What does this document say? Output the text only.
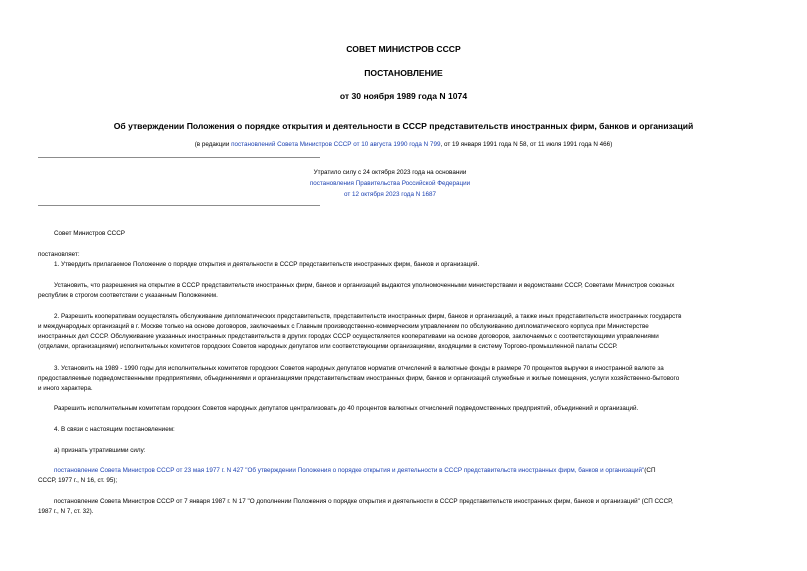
СОВЕТ МИНИСТРОВ СССР
ПОСТАНОВЛЕНИЕ
от 30 ноября 1989 года N 1074
Об утверждении Положения о порядке открытия и деятельности в СССР представительств иностранных фирм, банков и организаций
(в редакции постановлений Совета Министров СССР от 10 августа 1990 года N 799, от 19 января 1991 года N 58, от 11 июля 1991 года N 466)
Утратило силу с 24 октября 2023 года на основании
постановления Правительства Российской Федерации
от 12 октября 2023 года N 1687
Совет Министров СССР
постановляет:
1. Утвердить прилагаемое Положение о порядке открытия и деятельности в СССР представительств иностранных фирм, банков и организаций.
Установить, что разрешения на открытие в СССР представительств иностранных фирм, банков и организаций выдаются уполномоченными министерствами и ведомствами СССР, Советами Министров союзных
республик в строгом соответствии с указанным Положением.
2. Разрешить кооперативам осуществлять обслуживание дипломатических представительств, представительств иностранных фирм, банков и организаций, а также иных представительств иностранных государств
и международных организаций в г. Москве только на основе договоров, заключаемых с Главным производственно-коммерческим управлением по обслуживанию дипломатического корпуса при Министерстве
иностранных дел СССР. Обслуживание указанных иностранных представительств в других городах СССР осуществляется кооперативами на основе договоров, заключаемых с соответствующими управлениями
(отделами, организациями) исполнительных комитетов городских Советов народных депутатов или соответствующими организациями, входящими в систему Торгово-промышленной палаты СССР.
3. Установить на 1989 - 1990 годы для исполнительных комитетов городских Советов народных депутатов норматив отчислений в валютные фонды в размере 70 процентов выручки в иностранной валюте за
предоставляемые подведомственными предприятиями, объединениями и организациями представительствам иностранных фирм, банков и организаций служебные и жилые помещения, услуги хозяйственно-бытового
и иного характера.
Разрешить исполнительным комитетам городских Советов народных депутатов централизовать до 40 процентов валютных отчислений подведомственных предприятий, объединений и организаций.
4. В связи с настоящим постановлением:
а) признать утратившими силу:
постановление Совета Министров СССР от 23 мая 1977 г. N 427 "Об утверждении Положения о порядке открытия и деятельности в СССР представительств иностранных фирм, банков и организаций"(СП
СССР, 1977 г., N 16, ст. 95);
постановление Совета Министров СССР от 7 января 1987 г. N 17 "О дополнении Положения о порядке открытия и деятельности в СССР представительств иностранных фирм, банков и организаций" (СП СССР,
1987 г., N 7, ст. 32).
